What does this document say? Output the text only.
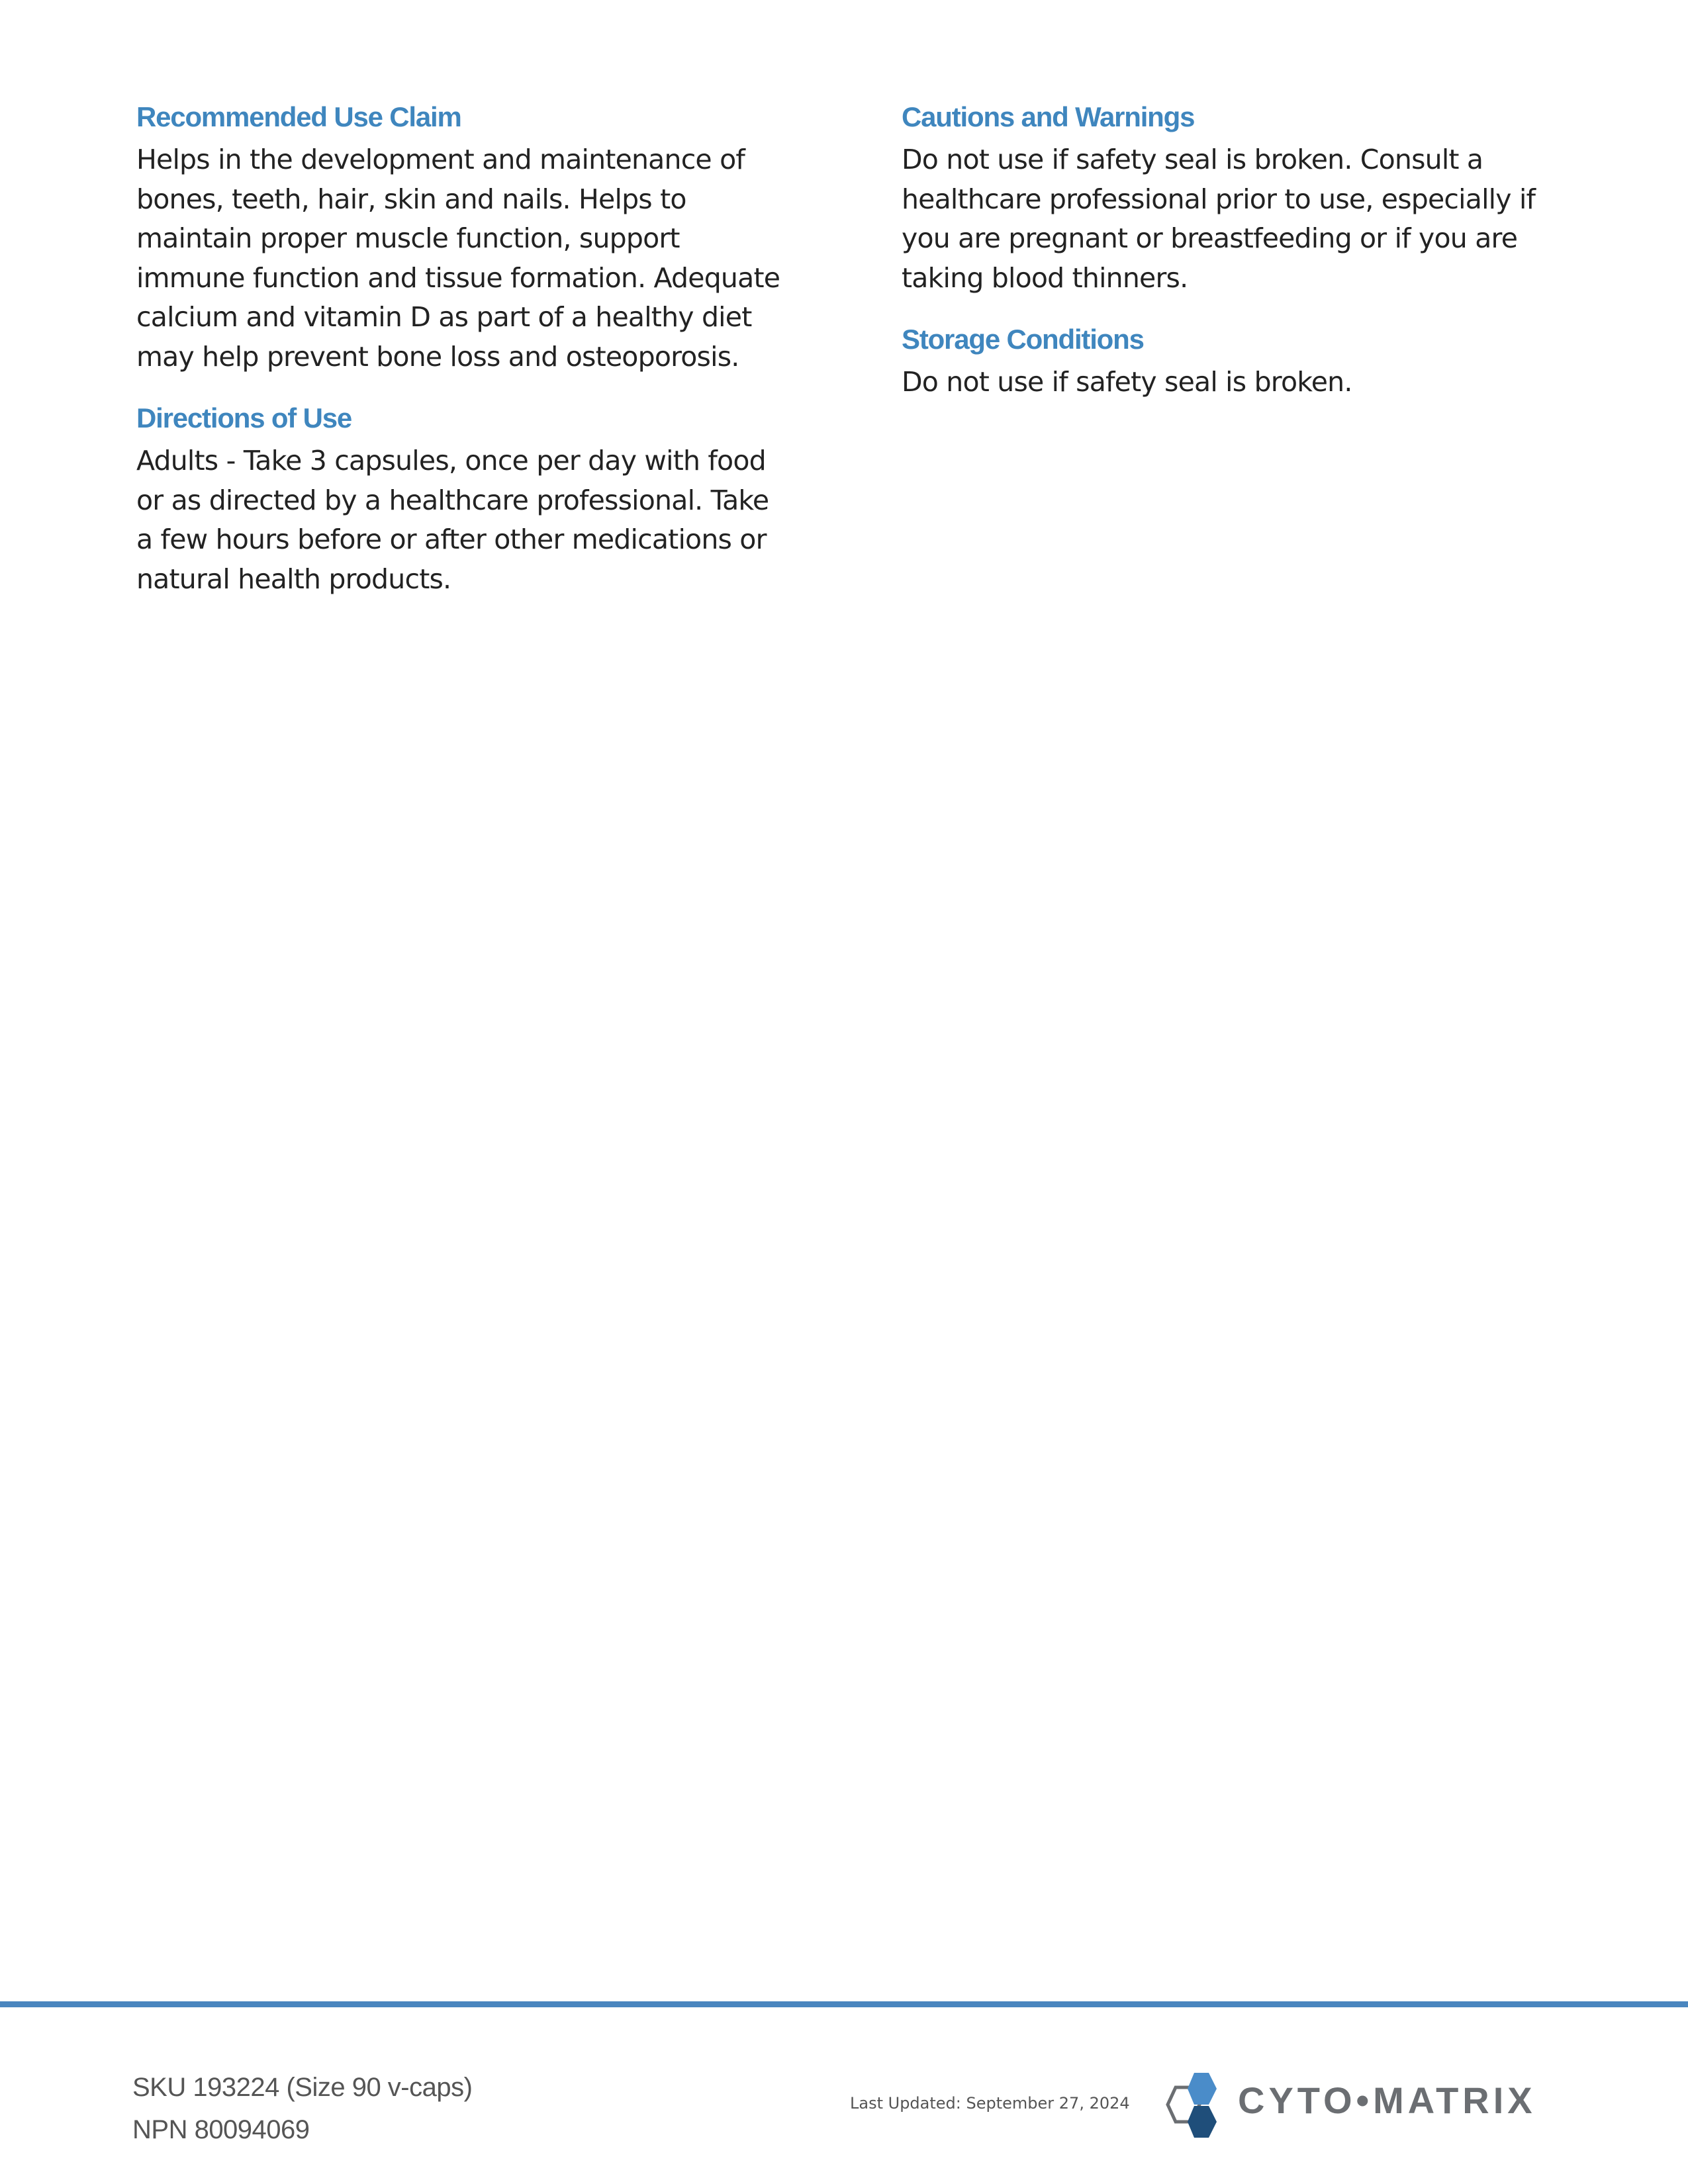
Recommended Use Claim

Helps in the development and maintenance of bones, teeth, hair, skin and nails. Helps to maintain proper muscle function, support immune function and tissue formation. Adequate calcium and vitamin D as part of a healthy diet may help prevent bone loss and osteoporosis.

Directions of Use

Adults - Take 3 capsules, once per day with food or as directed by a healthcare professional. Take a few hours before or after other medications or natural health products.

Cautions and Warnings

Do not use if safety seal is broken. Consult a healthcare professional prior to use, especially if you are pregnant or breastfeeding or if you are taking blood thinners.

Storage Conditions

Do not use if safety seal is broken.

SKU 193224 (Size 90 v-caps)
NPN 80094069
Last Updated: September 27, 2024	CYTO•MATRIX
